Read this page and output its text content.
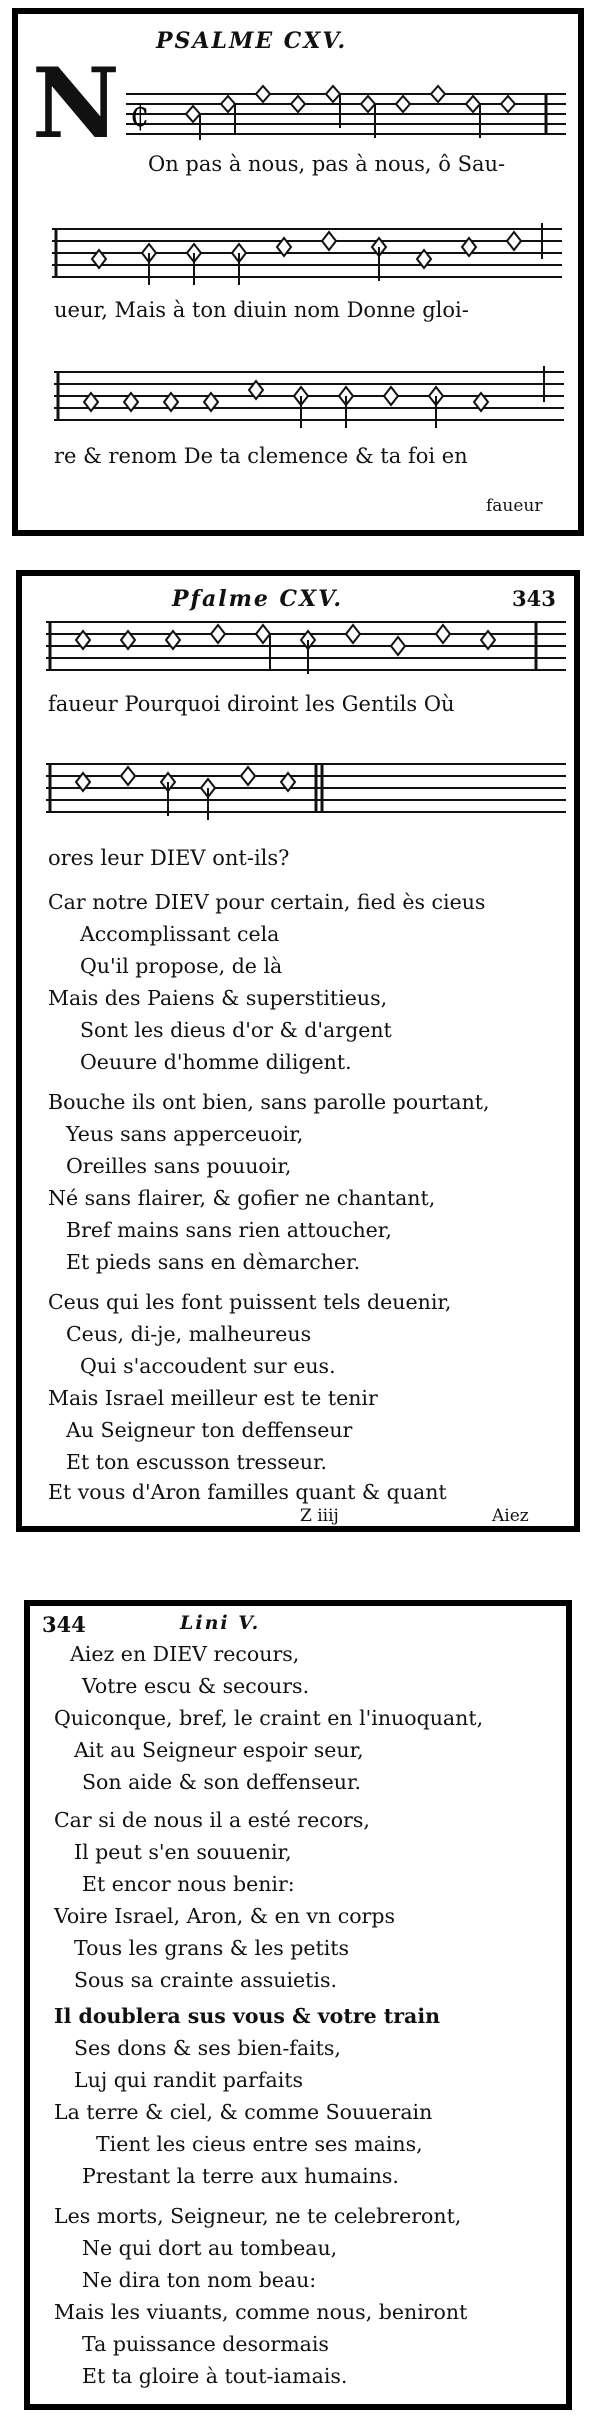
PSALME CXV.
N ₵
On pas à nous, pas à nous, ô Sau-
ueur, Mais à ton diuin nom Donne gloi-
re & renom De ta clemence & ta foi en
faueur
Pfalme CXV.	343
faueur Pourquoi diroint les Gentils Où
ores leur DIEV ont-ils?
Car notre DIEV pour certain, fied ès cieus
Accomplissant cela
Qu'il propose, de là
Mais des Paiens & superstitieus,
Sont les dieus d'or & d'argent
Oeuure d'homme diligent.
Bouche ils ont bien, sans parolle pourtant,
Yeus sans apperceuoir,
Oreilles sans pouuoir,
Né sans flairer, & gofier ne chantant,
Bref mains sans rien attoucher,
Et pieds sans en dèmarcher.
Ceus qui les font puissent tels deuenir,
Ceus, di-je, malheureus
Qui s'accoudent sur eus.
Mais Israel meilleur est te tenir
Au Seigneur ton deffenseur
Et ton escusson tresseur.
Et vous d'Aron familles quant & quant
Z iiij	Aiez
344	Lini V.
Aiez en DIEV recours,
Votre escu & secours.
Quiconque, bref, le craint en l'inuoquant,
Ait au Seigneur espoir seur,
Son aide & son deffenseur.
Car si de nous il a esté recors,
Il peut s'en souuenir,
Et encor nous benir:
Voire Israel, Aron, & en vn corps
Tous les grans & les petits
Sous sa crainte assuietis.
Il doublera sus vous & votre train
Ses dons & ses bien-faits,
Luj qui randit parfaits
La terre & ciel, & comme Souuerain
Tient les cieus entre ses mains,
Prestant la terre aux humains.
Les morts, Seigneur, ne te celebreront,
Ne qui dort au tombeau,
Ne dira ton nom beau:
Mais les viuants, comme nous, beniront
Ta puissance desormais
Et ta gloire à tout-iamais.
